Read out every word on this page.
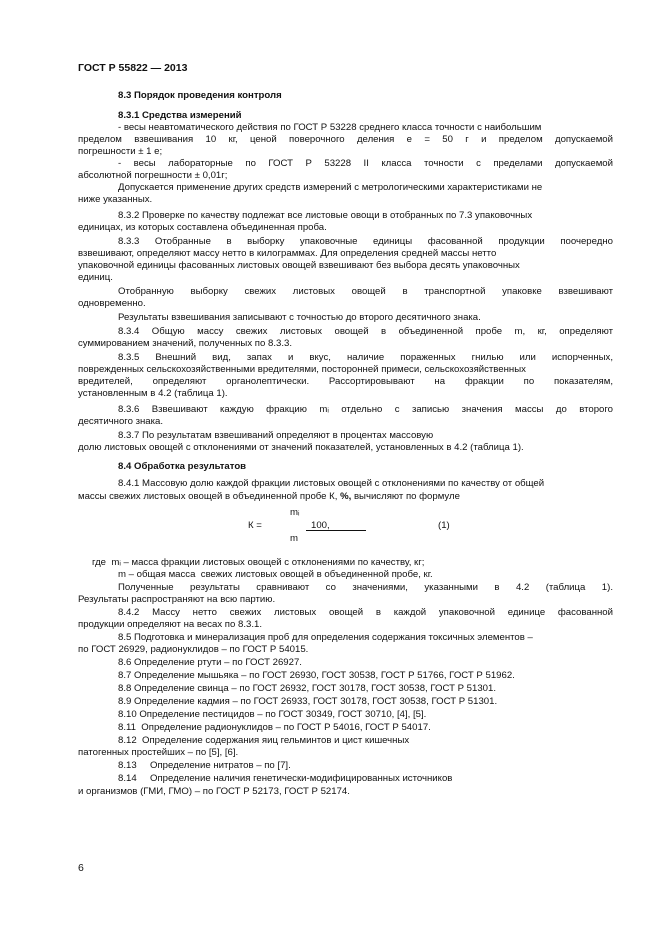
ГОСТ Р 55822 — 2013
8.3 Порядок проведения контроля
8.3.1 Средства измерений
- весы неавтоматического действия по ГОСТ Р 53228 среднего класса точности с наибольшим
пределом взвешивания 10 кг, ценой поверочного деления е = 50 г и пределом допускаемой
погрешности ± 1 е;
- весы лабораторные по ГОСТ Р 53228 II класса точности с пределами допускаемой
абсолютной погрешности ± 0,01г;
Допускается применение других средств измерений с метрологическими характеристиками не
ниже указанных.
8.3.2 Проверке по качеству подлежат все листовые овощи в отобранных по 7.3 упаковочных
единицах, из которых составлена объединенная проба.
8.3.3 Отобранные в выборку упаковочные единицы фасованной продукции поочередно
взвешивают, определяют массу нетто в килограммах. Для определения средней массы нетто
упаковочной единицы фасованных листовых овощей взвешивают без выбора десять упаковочных
единиц.
Отобранную выборку свежих листовых овощей в транспортной упаковке взвешивают
одновременно.
Результаты взвешивания записывают с точностью до второго десятичного знака.
8.3.4 Общую массу свежих листовых овощей в объединенной пробе m, кг, определяют
суммированием значений, полученных по 8.3.3.
8.3.5 Внешний вид, запах и вкус, наличие пораженных гнилью или испорченных,
поврежденных сельскохозяйственными вредителями, посторонней примеси, сельскохозяйственных
вредителей, определяют органолептически. Рассортировывают на фракции по показателям,
установленным в 4.2 (таблица 1).
8.3.6 Взвешивают каждую фракцию mᵢ отдельно с записью значения массы до второго
десятичного знака.
8.3.7 По результатам взвешиваний определяют в процентах массовую
долю листовых овощей с отклонениями от значений показателей, установленных в 4.2 (таблица 1).
8.4 Обработка результатов
8.4.1 Массовую долю каждой фракции листовых овощей с отклонениями по качеству от общей
массы свежих листовых овощей в объединенной пробе К, %, вычисляют по формуле
mᵢ
К =	100,
m
(1)
где  mᵢ – масса фракции листовых овощей с отклонениями по качеству, кг;
m – общая масса  свежих листовых овощей в объединенной пробе, кг.
Полученные результаты сравнивают со значениями, указанными в 4.2 (таблица 1).
Результаты распространяют на всю партию.
8.4.2 Массу нетто свежих листовых овощей в каждой упаковочной единице фасованной
продукции определяют на весах по 8.3.1.
8.5 Подготовка и минерализация проб для определения содержания токсичных элементов –
по ГОСТ 26929, радионуклидов – по ГОСТ Р 54015.
8.6 Определение ртути – по ГОСТ 26927.
8.7 Определение мышьяка – по ГОСТ 26930, ГОСТ 30538, ГОСТ Р 51766, ГОСТ Р 51962.
8.8 Определение свинца – по ГОСТ 26932, ГОСТ 30178, ГОСТ 30538, ГОСТ Р 51301.
8.9 Определение кадмия – по ГОСТ 26933, ГОСТ 30178, ГОСТ 30538, ГОСТ Р 51301.
8.10 Определение пестицидов – по ГОСТ 30349, ГОСТ 30710, [4], [5].
8.11  Определение радионуклидов – по ГОСТ Р 54016, ГОСТ Р 54017.
8.12  Определение содержания яиц гельминтов и цист кишечных
патогенных простейших – по [5], [6].
8.13     Определение нитратов – по [7].
8.14     Определение наличия генетически-модифицированных источников
и организмов (ГМИ, ГМО) – по ГОСТ Р 52173, ГОСТ Р 52174.
6
